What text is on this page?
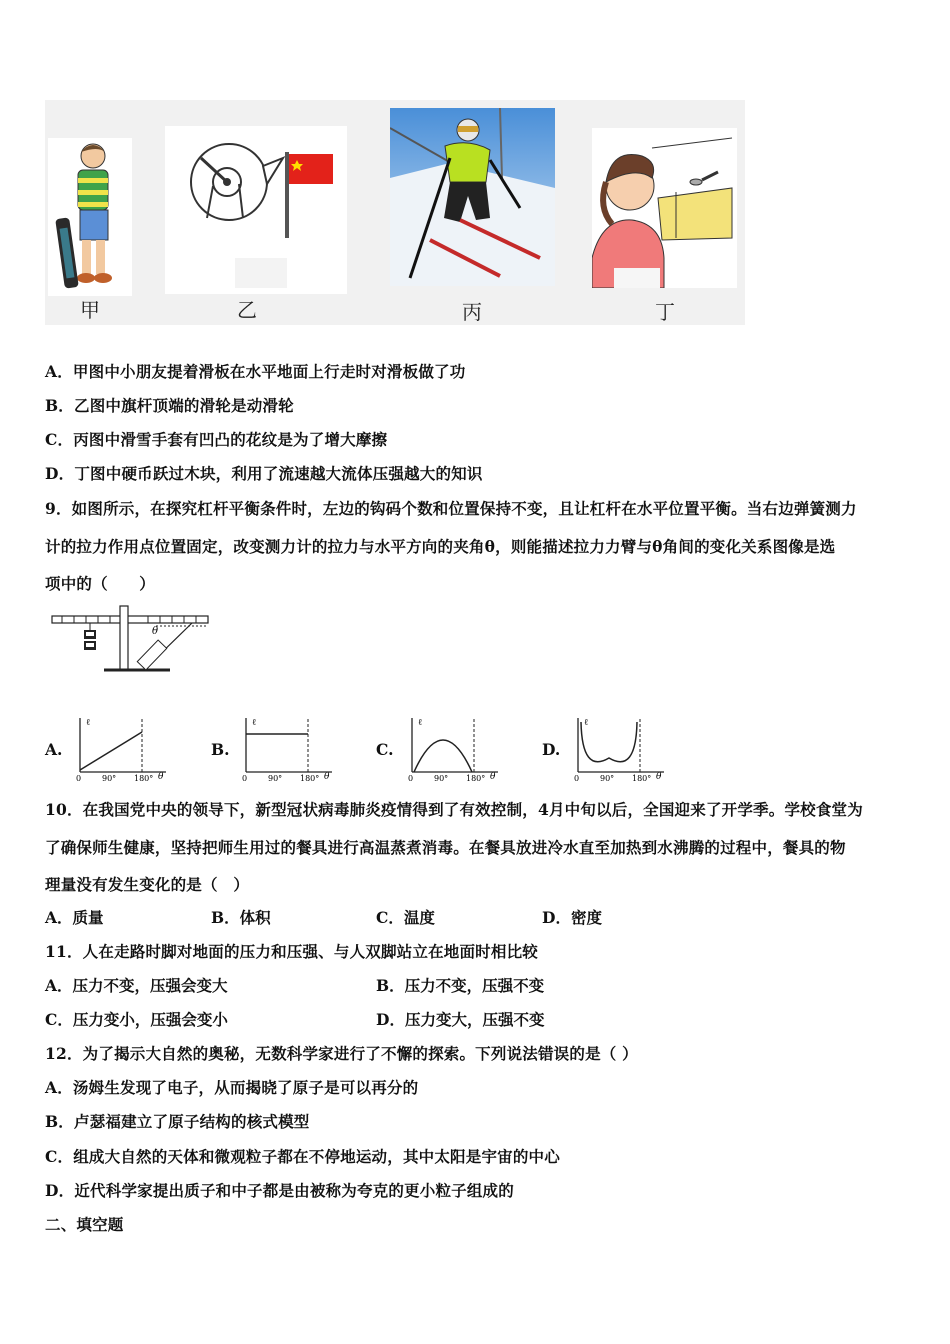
甲	乙	丙	丁
A．甲图中小朋友提着滑板在水平地面上行走时对滑板做了功
B．乙图中旗杆顶端的滑轮是动滑轮
C．丙图中滑雪手套有凹凸的花纹是为了增大摩擦
D．丁图中硬币跃过木块，利用了流速越大流体压强越大的知识
9．如图所示，在探究杠杆平衡条件时，左边的钩码个数和位置保持不变，且让杠杆在水平位置平衡。当右边弹簧测力
计的拉力作用点位置固定，改变测力计的拉力与水平方向的夹角θ，则能描述拉力力臂与θ角间的变化关系图像是选
项中的（　　）
θ
A.	B.	C.	D.
ℓ
0	90° 180° θ
ℓ
0	90° 180° θ
ℓ
0	90° 180° θ
ℓ
0	90° 180° θ
10．在我国党中央的领导下，新型冠状病毒肺炎疫情得到了有效控制，4月中旬以后，全国迎来了开学季。学校食堂为
了确保师生健康，坚持把师生用过的餐具进行高温蒸煮消毒。在餐具放进冷水直至加热到水沸腾的过程中，餐具的物
理量没有发生变化的是（　）
A．质量	B．体积	C．温度	D．密度
11．人在走路时脚对地面的压力和压强、与人双脚站立在地面时相比较
A．压力不变，压强会变大	B．压力不变，压强不变
C．压力变小，压强会变小	D．压力变大，压强不变
12．为了揭示大自然的奥秘，无数科学家进行了不懈的探索。下列说法错误的是（ ）
A．汤姆生发现了电子，从而揭晓了原子是可以再分的
B．卢瑟福建立了原子结构的核式模型
C．组成大自然的天体和微观粒子都在不停地运动，其中太阳是宇宙的中心
D．近代科学家提出质子和中子都是由被称为夸克的更小粒子组成的
二、填空题
